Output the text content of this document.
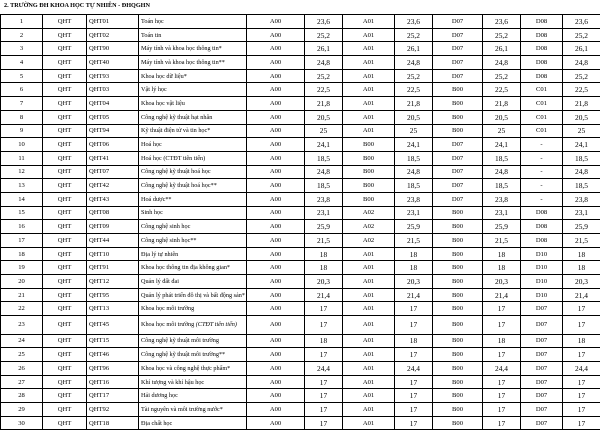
2. TRƯỜNG ĐH KHOA HỌC TỰ NHIÊN - ĐHQGHN
1	QHT	QHT01	Toán học	A00	23,6	A01	23,6	D07	23,6	D08	23,6
2	QHT	QHT02	Toán tin	A00	25,2	A01	25,2	D07	25,2	D08	25,2
3	QHT	QHT90	Máy tính và khoa học thông tin*	A00	26,1	A01	26,1	D07	26,1	D08	26,1
4	QHT	QHT40	Máy tính và khoa học thông tin**	A00	24,8	A01	24,8	D07	24,8	D08	24,8
5	QHT	QHT93	Khoa học dữ liệu*	A00	25,2	A01	25,2	D07	25,2	D08	25,2
6	QHT	QHT03	Vật lý học	A00	22,5	A01	22,5	B00	22,5	C01	22,5
7	QHT	QHT04	Khoa học vật liệu	A00	21,8	A01	21,8	B00	21,8	C01	21,8
8	QHT	QHT05	Công nghệ kỹ thuật hạt nhân	A00	20,5	A01	20,5	B00	20,5	C01	20,5
9	QHT	QHT94	Kỹ thuật điện tử và tin học*	A00	25	A01	25	B00	25	C01	25
10	QHT	QHT06	Hoá học	A00	24,1	B00	24,1	D07	24,1	-	24,1
11	QHT	QHT41	Hoá học (CTĐT tiên tiến)	A00	18,5	B00	18,5	D07	18,5	-	18,5
12	QHT	QHT07	Công nghệ kỹ thuật hoá học	A00	24,8	B00	24,8	D07	24,8	-	24,8
13	QHT	QHT42	Công nghệ kỹ thuật hoá học**	A00	18,5	B00	18,5	D07	18,5	-	18,5
14	QHT	QHT43	Hoá dược**	A00	23,8	B00	23,8	D07	23,8	-	23,8
15	QHT	QHT08	Sinh học	A00	23,1	A02	23,1	B00	23,1	D08	23,1
16	QHT	QHT09	Công nghệ sinh học	A00	25,9	A02	25,9	B00	25,9	D08	25,9
17	QHT	QHT44	Công nghệ sinh học**	A00	21,5	A02	21,5	B00	21,5	D08	21,5
18	QHT	QHT10	Địa lý tự nhiên	A00	18	A01	18	B00	18	D10	18
19	QHT	QHT91	Khoa học thông tin địa không gian*	A00	18	A01	18	B00	18	D10	18
20	QHT	QHT12	Quản lý đất đai	A00	20,3	A01	20,3	B00	20,3	D10	20,3
21	QHT	QHT95	Quản lý phát triển đô thị và bất động sản*	A00	21,4	A01	21,4	B00	21,4	D10	21,4
22	QHT	QHT13	Khoa học môi trường	A00	17	A01	17	B00	17	D07	17
23	QHT	QHT45	Khoa học môi trường (CTĐT tiên tiến)	A00	17	A01	17	B00	17	D07	17
24	QHT	QHT15	Công nghệ kỹ thuật môi trường	A00	18	A01	18	B00	18	D07	18
25	QHT	QHT46	Công nghệ kỹ thuật môi trường**	A00	17	A01	17	B00	17	D07	17
26	QHT	QHT96	Khoa học và công nghệ thực phẩm*	A00	24,4	A01	24,4	B00	24,4	D07	24,4
27	QHT	QHT16	Khí tượng và khí hậu học	A00	17	A01	17	B00	17	D07	17
28	QHT	QHT17	Hải dương học	A00	17	A01	17	B00	17	D07	17
29	QHT	QHT92	Tài nguyên và môi trường nước*	A00	17	A01	17	B00	17	D07	17
30	QHT	QHT18	Địa chất học	A00	17	A01	17	B00	17	D07	17
